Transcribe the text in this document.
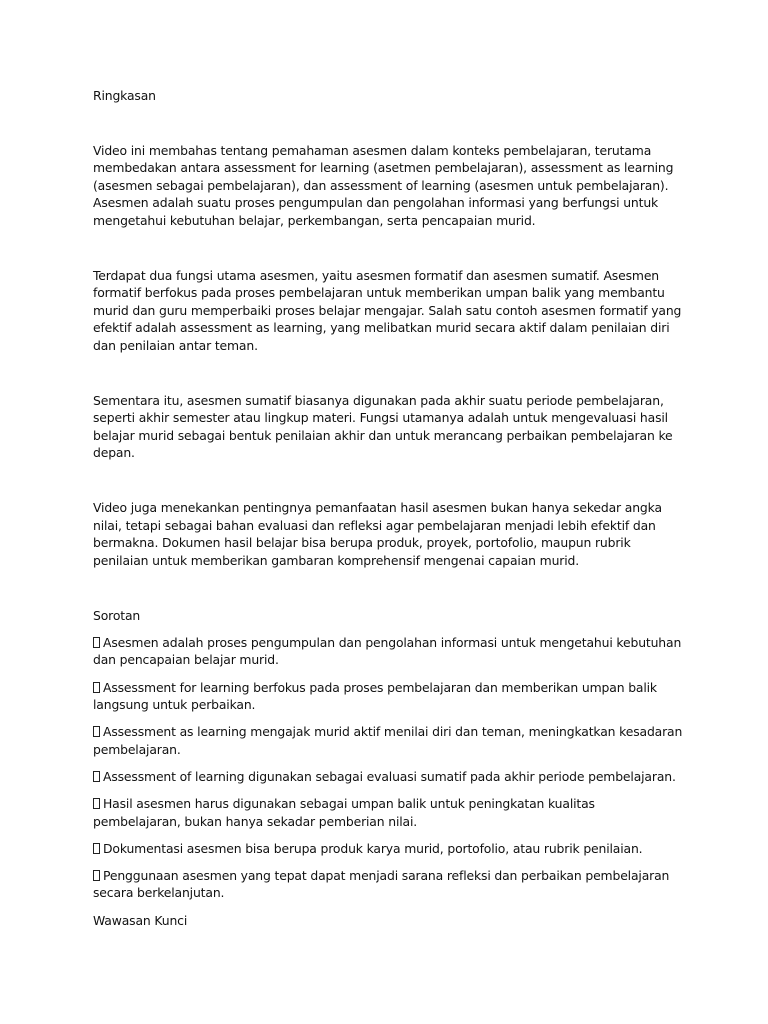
Ringkasan

Video ini membahas tentang pemahaman asesmen dalam konteks pembelajaran, terutama membedakan antara assessment for learning (asetmen pembelajaran), assessment as learning (asesmen sebagai pembelajaran), dan assessment of learning (asesmen untuk pembelajaran). Asesmen adalah suatu proses pengumpulan dan pengolahan informasi yang berfungsi untuk mengetahui kebutuhan belajar, perkembangan, serta pencapaian murid.

Terdapat dua fungsi utama asesmen, yaitu asesmen formatif dan asesmen sumatif. Asesmen formatif berfokus pada proses pembelajaran untuk memberikan umpan balik yang membantu murid dan guru memperbaiki proses belajar mengajar. Salah satu contoh asesmen formatif yang efektif adalah assessment as learning, yang melibatkan murid secara aktif dalam penilaian diri dan penilaian antar teman.

Sementara itu, asesmen sumatif biasanya digunakan pada akhir suatu periode pembelajaran, seperti akhir semester atau lingkup materi. Fungsi utamanya adalah untuk mengevaluasi hasil belajar murid sebagai bentuk penilaian akhir dan untuk merancang perbaikan pembelajaran ke depan.

Video juga menekankan pentingnya pemanfaatan hasil asesmen bukan hanya sekedar angka nilai, tetapi sebagai bahan evaluasi dan refleksi agar pembelajaran menjadi lebih efektif dan bermakna. Dokumen hasil belajar bisa berupa produk, proyek, portofolio, maupun rubrik penilaian untuk memberikan gambaran komprehensif mengenai capaian murid.

Sorotan

Asesmen adalah proses pengumpulan dan pengolahan informasi untuk mengetahui kebutuhan dan pencapaian belajar murid.
Assessment for learning berfokus pada proses pembelajaran dan memberikan umpan balik langsung untuk perbaikan.
Assessment as learning mengajak murid aktif menilai diri dan teman, meningkatkan kesadaran pembelajaran.
Assessment of learning digunakan sebagai evaluasi sumatif pada akhir periode pembelajaran.
Hasil asesmen harus digunakan sebagai umpan balik untuk peningkatan kualitas pembelajaran, bukan hanya sekadar pemberian nilai.
Dokumentasi asesmen bisa berupa produk karya murid, portofolio, atau rubrik penilaian.
Penggunaan asesmen yang tepat dapat menjadi sarana refleksi dan perbaikan pembelajaran secara berkelanjutan.

Wawasan Kunci
